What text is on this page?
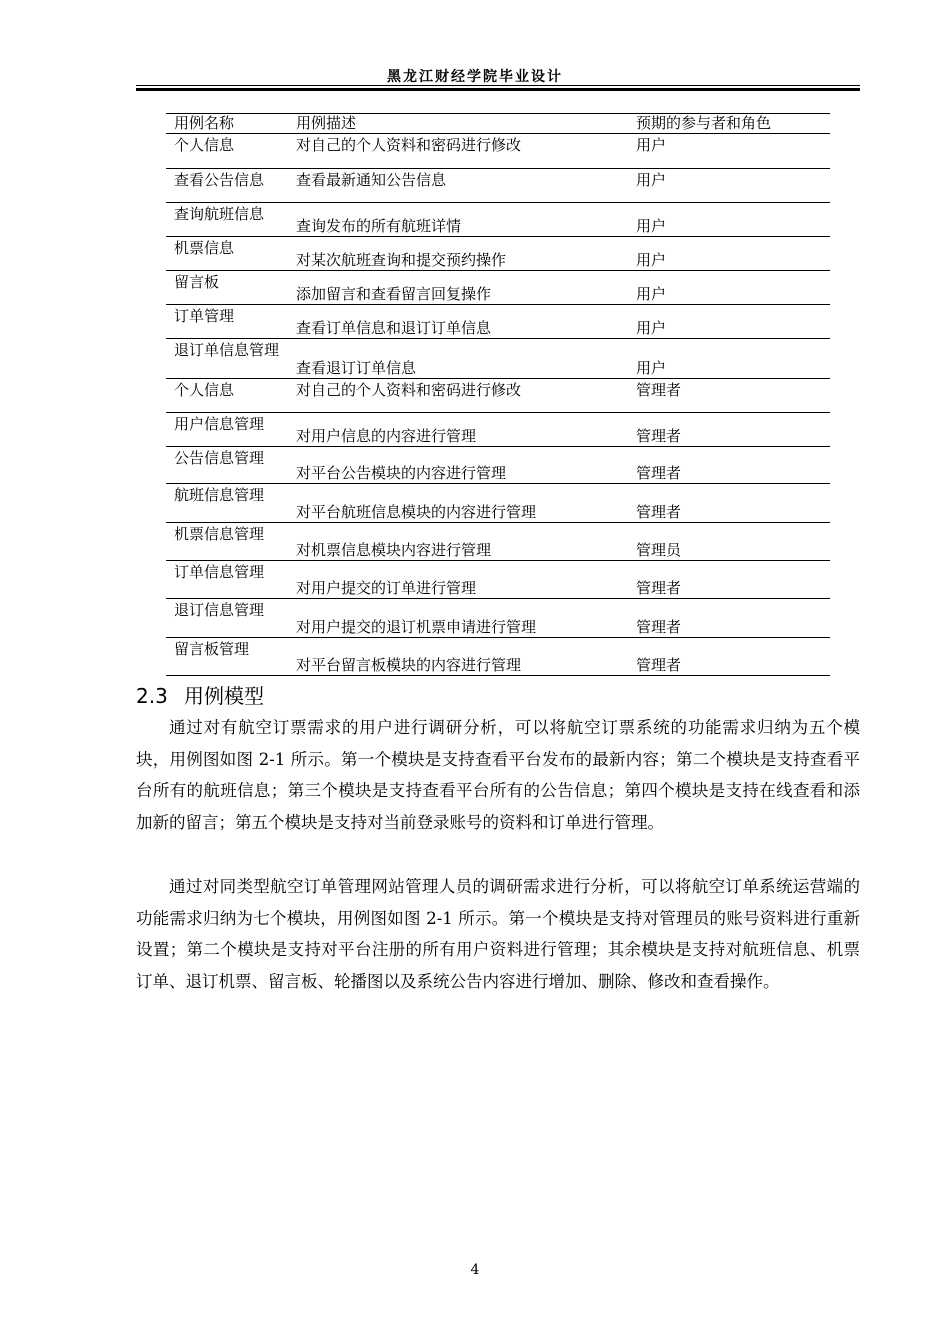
黑龙江财经学院毕业设计
用例名称	用例描述	预期的参与者和角色
个人信息	对自己的个人资料和密码进行修改	用户
查看公告信息	查看最新通知公告信息	用户
查询航班信息	查询发布的所有航班详情	用户
机票信息	对某次航班查询和提交预约操作	用户
留言板	添加留言和查看留言回复操作	用户
订单管理	查看订单信息和退订订单信息	用户
退订单信息管理	查看退订订单信息	用户
个人信息	对自己的个人资料和密码进行修改	管理者
用户信息管理	对用户信息的内容进行管理	管理者
公告信息管理	对平台公告模块的内容进行管理	管理者
航班信息管理	对平台航班信息模块的内容进行管理	管理者
机票信息管理	对机票信息模块内容进行管理	管理员
订单信息管理	对用户提交的订单进行管理	管理者
退订信息管理	对用户提交的退订机票申请进行管理	管理者
留言板管理	对平台留言板模块的内容进行管理	管理者
2.3 用例模型

通过对有航空订票需求的用户进行调研分析，可以将航空订票系统的功能需求归纳为五个模块，用例图如图 2-1 所示。第一个模块是支持查看平台发布的最新内容；第二个模块是支持查看平台所有的航班信息；第三个模块是支持查看平台所有的公告信息；第四个模块是支持在线查看和添加新的留言；第五个模块是支持对当前登录账号的资料和订单进行管理。

通过对同类型航空订单管理网站管理人员的调研需求进行分析，可以将航空订单系统运营端的功能需求归纳为七个模块，用例图如图 2-1 所示。第一个模块是支持对管理员的账号资料进行重新设置；第二个模块是支持对平台注册的所有用户资料进行管理；其余模块是支持对航班信息、机票订单、退订机票、留言板、轮播图以及系统公告内容进行增加、删除、修改和查看操作。

4
